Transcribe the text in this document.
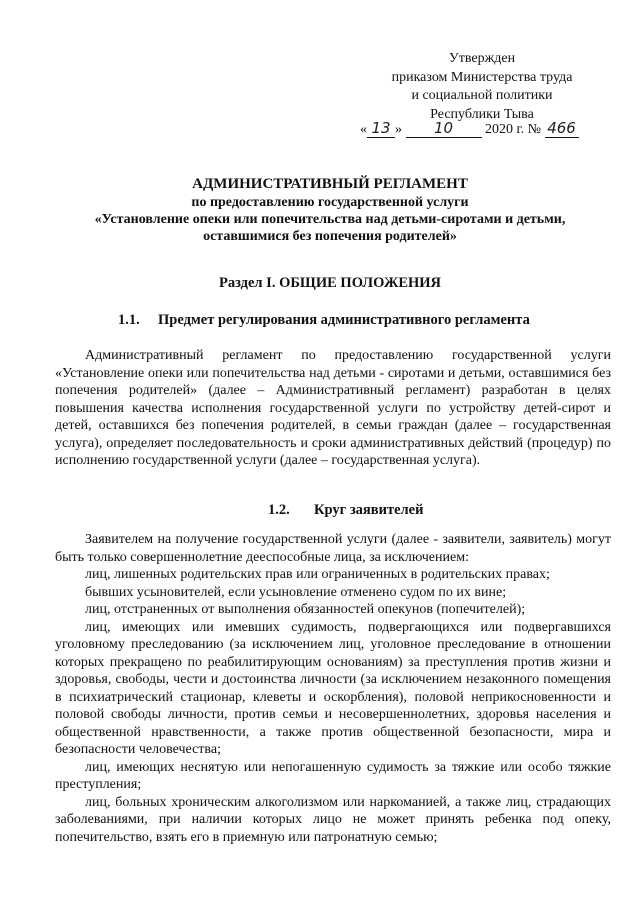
Утвержден
приказом Министерства труда
и социальной политики
Республики Тыва
« 13 » 10 2020 г. № 466
АДМИНИСТРАТИВНЫЙ РЕГЛАМЕНТ
по предоставлению государственной услуги
«Установление опеки или попечительства над детьми-сиротами и детьми,
оставшимися без попечения родителей»
Раздел I. ОБЩИЕ ПОЛОЖЕНИЯ
1.1. Предмет регулирования административного регламента

Административный регламент по предоставлению государственной услуги «Установление опеки или попечительства над детьми - сиротами и детьми, оставшимися без попечения родителей» (далее – Административный регламент) разработан в целях повышения качества исполнения государственной услуги по устройству детей-сирот и детей, оставшихся без попечения родителей, в семьи граждан (далее – государственная услуга), определяет последовательность и сроки административных действий (процедур) по исполнению государственной услуги (далее – государственная услуга).

1.2. Круг заявителей

Заявителем на получение государственной услуги (далее - заявители, заявитель) могут быть только совершеннолетние дееспособные лица, за исключением:

лиц, лишенных родительских прав или ограниченных в родительских правах;

бывших усыновителей, если усыновление отменено судом по их вине;

лиц, отстраненных от выполнения обязанностей опекунов (попечителей);

лиц, имеющих или имевших судимость, подвергающихся или подвергавшихся уголовному преследованию (за исключением лиц, уголовное преследование в отношении которых прекращено по реабилитирующим основаниям) за преступления против жизни и здоровья, свободы, чести и достоинства личности (за исключением незаконного помещения в психиатрический стационар, клеветы и оскорбления), половой неприкосновенности и половой свободы личности, против семьи и несовершеннолетних, здоровья населения и общественной нравственности, а также против общественной безопасности, мира и безопасности человечества;

лиц, имеющих неснятую или непогашенную судимость за тяжкие или особо тяжкие преступления;

лиц, больных хроническим алкоголизмом или наркоманией, а также лиц, страдающих заболеваниями, при наличии которых лицо не может принять ребенка под опеку, попечительство, взять его в приемную или патронатную семью;
